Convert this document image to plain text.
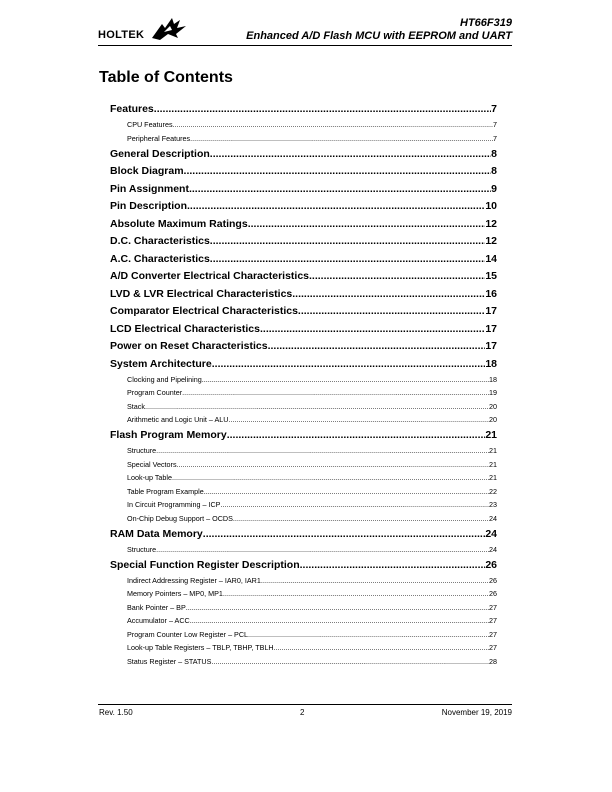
HOLTEK
HT66F319
Enhanced A/D Flash MCU with EEPROM and UART
Table of Contents
Features .....	7
CPU Features .....	7
Peripheral Features .....	7
General Description .....	8
Block Diagram .....	8
Pin Assignment .....	9
Pin Description .....	10
Absolute Maximum Ratings .....	12
D.C. Characteristics .....	12
A.C. Characteristics .....	14
A/D Converter Electrical Characteristics .....	15
LVD & LVR Electrical Characteristics .....	16
Comparator Electrical Characteristics .....	17
LCD Electrical Characteristics .....	17
Power on Reset Characteristics .....	17
System Architecture .....	18
Clocking and Pipelining .....	18
Program Counter .....	19
Stack .....	20
Arithmetic and Logic Unit – ALU .....	20
Flash Program Memory .....	21
Structure .....	21
Special Vectors .....	21
Look-up Table .....	21
Table Program Example .....	22
In Circuit Programming – ICP .....	23
On-Chip Debug Support – OCDS .....	24
RAM Data Memory .....	24
Structure .....	24
Special Function Register Description .....	26
Indirect Addressing Register – IAR0, IAR1 .....	26
Memory Pointers – MP0, MP1 .....	26
Bank Pointer – BP .....	27
Accumulator – ACC .....	27
Program Counter Low Register – PCL .....	27
Look-up Table Registers – TBLP, TBHP, TBLH .....	27
Status Register – STATUS .....	28
Rev. 1.50	2	November 19, 2019
